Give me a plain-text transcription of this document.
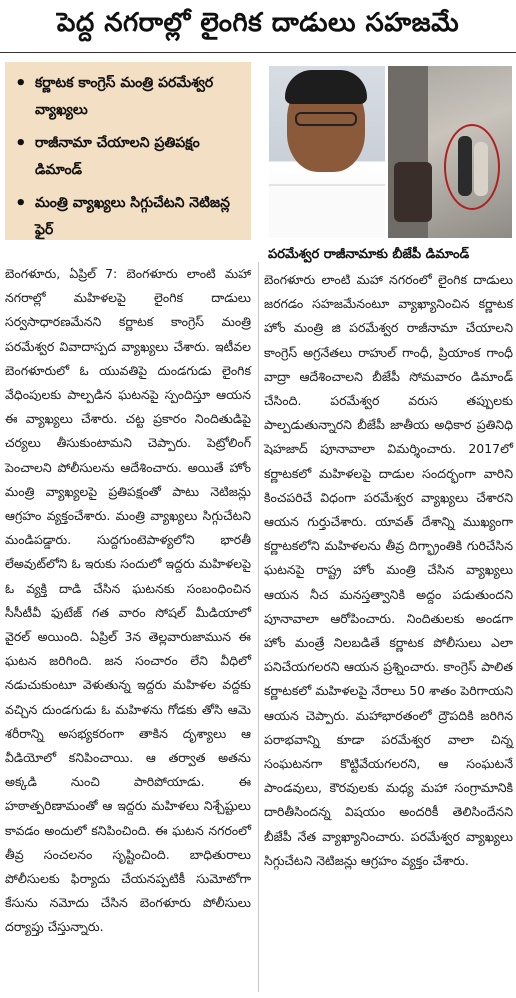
పెద్ద నగరాల్లో లైంగిక దాడులు సహజమే
• కర్ణాటక కాంగ్రెస్ మంత్రి పరమేశ్వర వ్యాఖ్యలు
• రాజీనామా చేయాలని ప్రతిపక్షం డిమాండ్
• మంత్రి వ్యాఖ్యలు సిగ్గుచేటని నెటిజన్ల ఫైర్
పరమేశ్వర రాజీనామాకు బీజేపీ డిమాండ్

బెంగళూరు, ఏప్రిల్ 7: బెంగళూరు లాంటి మహా నగరాల్లో మహిళలపై లైంగిక దాడులు సర్వసాధారణమేనని కర్ణాటక కాంగ్రెస్ మంత్రి పరమేశ్వర వివాదాస్పద వ్యాఖ్యలు చేశారు. ఇటీవల బెంగళూరులో ఓ యువతిపై దుండగుడు లైంగిక వేధింపులకు పాల్పడిన ఘటనపై స్పందిస్తూ ఆయన ఈ వ్యాఖ్యలు చేశారు. చట్ట ప్రకారం నిందితుడిపై చర్యలు తీసుకుంటామని చెప్పారు. పెట్రోలింగ్ పెంచాలని పోలీసులను ఆదేశించారు. అయితే హోం మంత్రి వ్యాఖ్యలపై ప్రతిపక్షంతో పాటు నెటిజన్లు ఆగ్రహం వ్యక్తంచేశారు. మంత్రి వ్యాఖ్యలు సిగ్గుచేటని మండిపడ్డారు. సుద్దగుంటెపాళ్యలోని భారతీ లేఅవుట్‌లోని ఓ ఇరుకు సందులో ఇద్దరు మహిళలపై ఓ వ్యక్తి దాడి చేసిన ఘటనకు సంబంధించిన సీసీటీవీ ఫుటేజ్ గత వారం సోషల్ మీడియాలో వైరల్ అయింది. ఏప్రిల్ 3న తెల్లవారుజామున ఈ ఘటన జరిగింది. జన సంచారం లేని వీధిలో నడుచుకుంటూ వెళుతున్న ఇద్దరు మహిళల వద్దకు వచ్చిన దుండగుడు ఓ మహిళను గోడకు తోసి ఆమె శరీరాన్ని అసభ్యకరంగా తాకిన దృశ్యాలు ఆ వీడియోలో కనిపించాయి. ఆ తర్వాత అతను అక్కడి నుంచి పారిపోయాడు. ఈ హఠాత్పరిణామంతో ఆ ఇద్దరు మహిళలు నిశ్చేష్టులు కావడం అందులో కనిపించింది. ఈ ఘటన నగరంలో తీవ్ర సంచలనం సృష్టించింది. బాధితురాలు పోలీసులకు ఫిర్యాదు చేయనప్పటికీ సుమోటోగా కేసును నమోదు చేసిన బెంగళూరు పోలీసులు దర్యాప్తు చేస్తున్నారు.

బెంగళూరు లాంటి మహా నగరంలో లైంగిక దాడులు జరగడం సహజమేనంటూ వ్యాఖ్యానించిన కర్ణాటక హోం మంత్రి జి పరమేశ్వర రాజీనామా చేయాలని కాంగ్రెస్ అగ్రనేతలు రాహుల్ గాంధీ, ప్రియాంక గాంధీ వాద్రా ఆదేశించాలని బీజేపీ సోమవారం డిమాండ్ చేసింది. పరమేశ్వర వరుస తప్పులకు పాల్పడుతున్నారని బీజేపీ జాతీయ అధికార ప్రతినిధి షెహజాద్ పూనావాలా విమర్శించారు. 2017లో కర్ణాటకలో మహిళలపై దాడుల సందర్భంగా వారిని కించపరిచే విధంగా పరమేశ్వర వ్యాఖ్యలు చేశారని ఆయన గుర్తుచేశారు. యావత్ దేశాన్ని ముఖ్యంగా కర్ణాటకలోని మహిళలను తీవ్ర దిగ్భ్రాంతికి గురిచేసిన ఘటనపై రాష్ట్ర హోం మంత్రి చేసిన వ్యాఖ్యలు ఆయన నీచ మనస్తత్వానికి అద్దం పడుతుందని పూనావాలా ఆరోపించారు. నిందితులకు అండగా హోం మంత్రే నిలబడితే కర్ణాటక పోలీసులు ఎలా పనిచేయగలరని ఆయన ప్రశ్నించారు. కాంగ్రెస్ పాలిత కర్ణాటకలో మహిళలపై నేరాలు 50 శాతం పెరిగాయని ఆయన చెప్పారు. మహాభారతంలో ద్రౌపదికి జరిగిన పరాభవాన్ని కూడా పరమేశ్వర వాలా చిన్న సంఘటనగా కొట్టివేయగలరని, ఆ సంఘటనే పాండవులు, కౌరవులకు మధ్య మహా సంగ్రామానికి దారితీసిందన్న విషయం అందరికీ తెలిసిందేనని బీజేపీ నేత వ్యాఖ్యానించారు. పరమేశ్వర వ్యాఖ్యలు సిగ్గుచేటని నెటిజన్లు ఆగ్రహం వ్యక్తం చేశారు.
